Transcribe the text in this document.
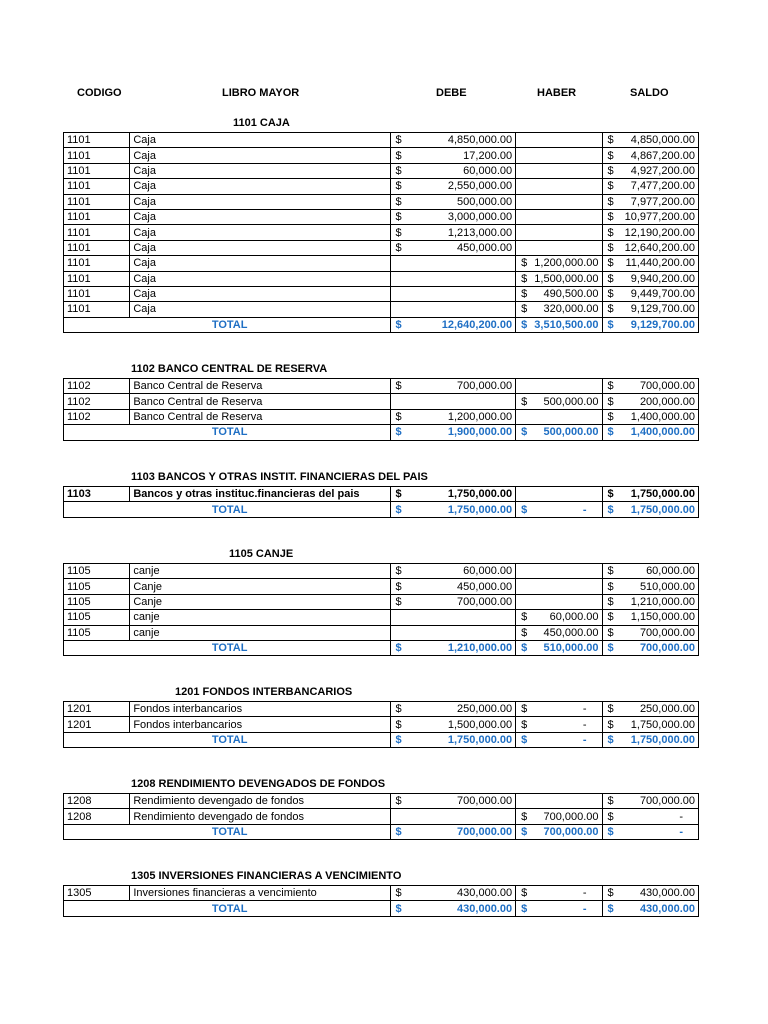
CODIGO	LIBRO MAYOR	DEBE	HABER	SALDO
1101 CAJA
1101	Caja	$ 4,850,000.00		$ 4,850,000.00

1101	Caja	$ 17,200.00		$ 4,867,200.00

1101	Caja	$ 60,000.00		$ 4,927,200.00

1101	Caja	$ 2,550,000.00		$ 7,477,200.00

1101	Caja	$ 500,000.00		$ 7,977,200.00

1101	Caja	$ 3,000,000.00		$ 10,977,200.00

1101	Caja	$ 1,213,000.00		$ 12,190,200.00

1101	Caja	$ 450,000.00		$ 12,640,200.00

1101	Caja		$ 1,200,000.00	$ 11,440,200.00

1101	Caja		$ 1,500,000.00	$ 9,940,200.00

1101	Caja		$ 490,500.00	$ 9,449,700.00

1101	Caja		$ 320,000.00	$ 9,129,700.00

	TOTAL	$ 12,640,200.00	$ 3,510,500.00	$ 9,129,700.00
1102 BANCO CENTRAL DE RESERVA
1102	Banco Central de Reserva	$ 700,000.00		$ 700,000.00

1102	Banco Central de Reserva		$ 500,000.00	$ 200,000.00

1102	Banco Central de Reserva	$ 1,200,000.00		$ 1,400,000.00

	TOTAL	$ 1,900,000.00	$ 500,000.00	$ 1,400,000.00
1103 BANCOS Y OTRAS INSTIT. FINANCIERAS DEL PAIS
1103	Bancos y otras instituc.financieras del pais	$ 1,750,000.00		$ 1,750,000.00

	TOTAL	$ 1,750,000.00	$ -	$ 1,750,000.00
1105 CANJE
1105	canje	$ 60,000.00		$ 60,000.00

1105	Canje	$ 450,000.00		$ 510,000.00

1105	Canje	$ 700,000.00		$ 1,210,000.00

1105	canje		$ 60,000.00	$ 1,150,000.00

1105	canje		$ 450,000.00	$ 700,000.00

	TOTAL	$ 1,210,000.00	$ 510,000.00	$ 700,000.00
1201 FONDOS INTERBANCARIOS
1201	Fondos interbancarios	$ 250,000.00	$ -	$ 250,000.00

1201	Fondos interbancarios	$ 1,500,000.00	$ -	$ 1,750,000.00

	TOTAL	$ 1,750,000.00	$ -	$ 1,750,000.00
1208 RENDIMIENTO DEVENGADOS DE FONDOS
1208	Rendimiento devengado de fondos	$ 700,000.00		$ 700,000.00

1208	Rendimiento devengado de fondos		$ 700,000.00	$ -

	TOTAL	$ 700,000.00	$ 700,000.00	$ -
1305 INVERSIONES FINANCIERAS A VENCIMIENTO
1305	Inversiones financieras a vencimiento	$ 430,000.00	$ -	$ 430,000.00

	TOTAL	$ 430,000.00	$ -	$ 430,000.00
